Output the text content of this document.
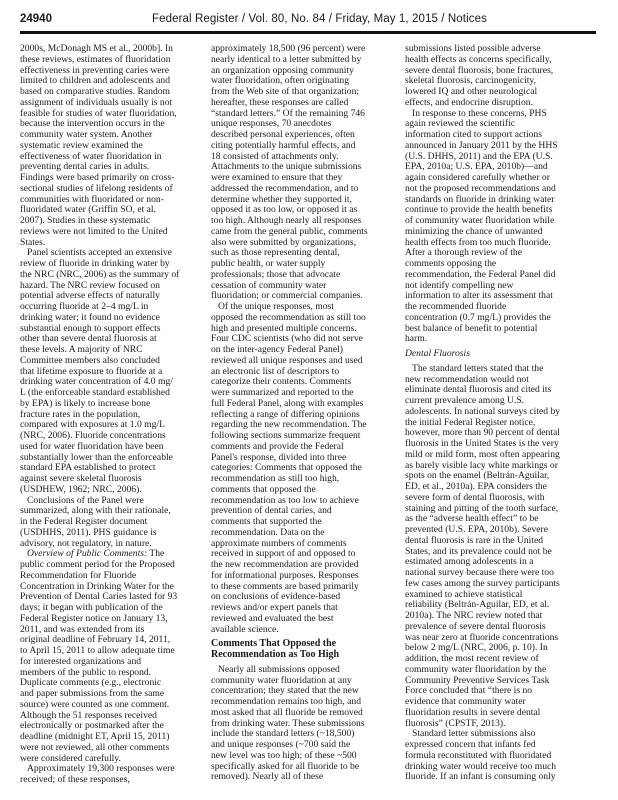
24940	Federal Register / Vol. 80, No. 84 / Friday, May 1, 2015 / Notices
2000s, McDonagh MS et al., 2000b]. In
these reviews, estimates of fluoridation
effectiveness in preventing caries were
limited to children and adolescents and
based on comparative studies. Random
assignment of individuals usually is not
feasible for studies of water fluoridation,
because the intervention occurs in the
community water system. Another
systematic review examined the
effectiveness of water fluoridation in
preventing dental caries in adults.
Findings were based primarily on cross-
sectional studies of lifelong residents of
communities with fluoridated or non-
fluoridated water (Griffin SO, et al.
2007). Studies in these systematic
reviews were not limited to the United
States.
Panel scientists accepted an extensive
review of fluoride in drinking water by
the NRC (NRC, 2006) as the summary of
hazard. The NRC review focused on
potential adverse effects of naturally
occurring fluoride at 2–4 mg/L in
drinking water; it found no evidence
substantial enough to support effects
other than severe dental fluorosis at
these levels. A majority of NRC
Committee members also concluded
that lifetime exposure to fluoride at a
drinking water concentration of 4.0 mg/
L (the enforceable standard established
by EPA) is likely to increase bone
fracture rates in the population,
compared with exposures at 1.0 mg/L
(NRC, 2006). Fluoride concentrations
used for water fluoridation have been
substantially lower than the enforceable
standard EPA established to protect
against severe skeletal fluorosis
(USDHEW, 1962; NRC, 2006).
Conclusions of the Panel were
summarized, along with their rationale,
in the Federal Register document
(USDHHS, 2011). PHS guidance is
advisory, not regulatory, in nature.
Overview of Public Comments: The
public comment period for the Proposed
Recommendation for Fluoride
Concentration in Drinking Water for the
Prevention of Dental Caries lasted for 93
days; it began with publication of the
Federal Register notice on January 13,
2011, and was extended from its
original deadline of February 14, 2011,
to April 15, 2011 to allow adequate time
for interested organizations and
members of the public to respond.
Duplicate comments (e.g., electronic
and paper submissions from the same
source) were counted as one comment.
Although the 51 responses received
electronically or postmarked after the
deadline (midnight ET, April 15, 2011)
were not reviewed, all other comments
were considered carefully.
Approximately 19,300 responses were
received; of these responses,
approximately 18,500 (96 percent) were
nearly identical to a letter submitted by
an organization opposing community
water fluoridation, often originating
from the Web site of that organization;
hereafter, these responses are called
“standard letters.” Of the remaining 746
unique responses, 70 anecdotes
described personal experiences, often
citing potentially harmful effects, and
18 consisted of attachments only.
Attachments to the unique submissions
were examined to ensure that they
addressed the recommendation, and to
determine whether they supported it,
opposed it as too low, or opposed it as
too high. Although nearly all responses
came from the general public, comments
also were submitted by organizations,
such as those representing dental,
public health, or water supply
professionals; those that advocate
cessation of community water
fluoridation; or commercial companies.
Of the unique responses, most
opposed the recommendation as still too
high and presented multiple concerns.
Four CDC scientists (who did not serve
on the inter-agency Federal Panel)
reviewed all unique responses and used
an electronic list of descriptors to
categorize their contents. Comments
were summarized and reported to the
full Federal Panel, along with examples
reflecting a range of differing opinions
regarding the new recommendation. The
following sections summarize frequent
comments and provide the Federal
Panel's response, divided into three
categories: Comments that opposed the
recommendation as still too high,
comments that opposed the
recommendation as too low to achieve
prevention of dental caries, and
comments that supported the
recommendation. Data on the
approximate numbers of comments
received in support of and opposed to
the new recommendation are provided
for informational purposes. Responses
to these comments are based primarily
on conclusions of evidence-based
reviews and/or expert panels that
reviewed and evaluated the best
available science.
Comments That Opposed the
Recommendation as Too High
Nearly all submissions opposed
community water fluoridation at any
concentration; they stated that the new
recommendation remains too high, and
most asked that all fluoride be removed
from drinking water. These submissions
include the standard letters (~18,500)
and unique responses (~700 said the
new level was too high; of these ~500
specifically asked for all fluoride to be
removed). Nearly all of these
submissions listed possible adverse
health effects as concerns specifically,
severe dental fluorosis, bone fractures,
skeletal fluorosis, carcinogenicity,
lowered IQ and other neurological
effects, and endocrine disruption.
In response to these concerns, PHS
again reviewed the scientific
information cited to support actions
announced in January 2011 by the HHS
(U.S. DHHS, 2011) and the EPA (U.S.
EPA, 2010a; U.S. EPA, 2010b)—and
again considered carefully whether or
not the proposed recommendations and
standards on fluoride in drinking water
continue to provide the health benefits
of community water fluoridation while
minimizing the chance of unwanted
health effects from too much fluoride.
After a thorough review of the
comments opposing the
recommendation, the Federal Panel did
not identify compelling new
information to alter its assessment that
the recommended fluoride
concentration (0.7 mg/L) provides the
best balance of benefit to potential
harm.
Dental Fluorosis
The standard letters stated that the
new recommendation would not
eliminate dental fluorosis and cited its
current prevalence among U.S.
adolescents. In national surveys cited by
the initial Federal Register notice,
however, more than 90 percent of dental
fluorosis in the United States is the very
mild or mild form, most often appearing
as barely visible lacy white markings or
spots on the enamel (Beltrán-Aguilar,
ED, et al., 2010a). EPA considers the
severe form of dental fluorosis, with
staining and pitting of the tooth surface,
as the “adverse health effect” to be
prevented (U.S. EPA, 2010b). Severe
dental fluorosis is rare in the United
States, and its prevalence could not be
estimated among adolescents in a
national survey because there were too
few cases among the survey participants
examined to achieve statistical
reliability (Beltrán-Aguilar, ED, et al.
2010a). The NRC review noted that
prevalence of severe dental fluorosis
was near zero at fluoride concentrations
below 2 mg/L (NRC, 2006, p. 10). In
addition, the most recent review of
community water fluoridation by the
Community Preventive Services Task
Force concluded that “there is no
evidence that community water
fluoridation results in severe dental
fluorosis” (CPSTF, 2013).
Standard letter submissions also
expressed concern that infants fed
formula reconstituted with fluoridated
drinking water would receive too much
fluoride. If an infant is consuming only
